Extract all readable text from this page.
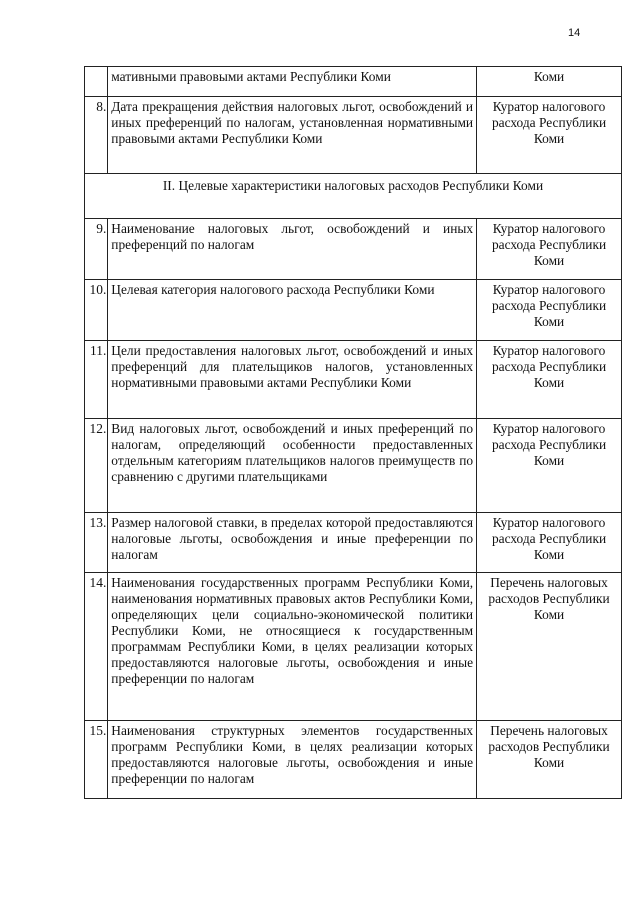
14
	мативными правовыми актами Республики Коми	Коми
8.	Дата прекращения действия налоговых льгот, освобождений и иных преференций по налогам, установленная нормативными правовыми актами Республики Коми	Куратор налогового расхода Республики Коми
II. Целевые характеристики налоговых расходов Республики Коми		
9.	Наименование налоговых льгот, освобождений и иных преференций по налогам	Куратор налогового расхода Республики Коми
10.	Целевая категория налогового расхода Республики Коми	Куратор налогового расхода Республики Коми
11.	Цели предоставления налоговых льгот, освобождений и иных преференций для плательщиков налогов, установленных нормативными правовыми актами Республики Коми	Куратор налогового расхода Республики Коми
12.	Вид налоговых льгот, освобождений и иных преференций по налогам, определяющий особенности предоставленных отдельным категориям плательщиков налогов преимуществ по сравнению с другими плательщиками	Куратор налогового расхода Республики Коми
13.	Размер налоговой ставки, в пределах которой предоставляются налоговые льготы, освобождения и иные преференции по налогам	Куратор налогового расхода Республики Коми
14.	Наименования государственных программ Республики Коми, наименования нормативных правовых актов Республики Коми, определяющих цели социально-экономической политики Республики Коми, не относящиеся к государственным программам Республики Коми, в целях реализации которых предоставляются налоговые льготы, освобождения и иные преференции по налогам	Перечень налоговых расходов Республики Коми
15.	Наименования структурных элементов государственных программ Республики Коми, в целях реализации которых предоставляются налоговые льготы, освобождения и иные преференции по налогам	Перечень налоговых расходов Республики Коми
